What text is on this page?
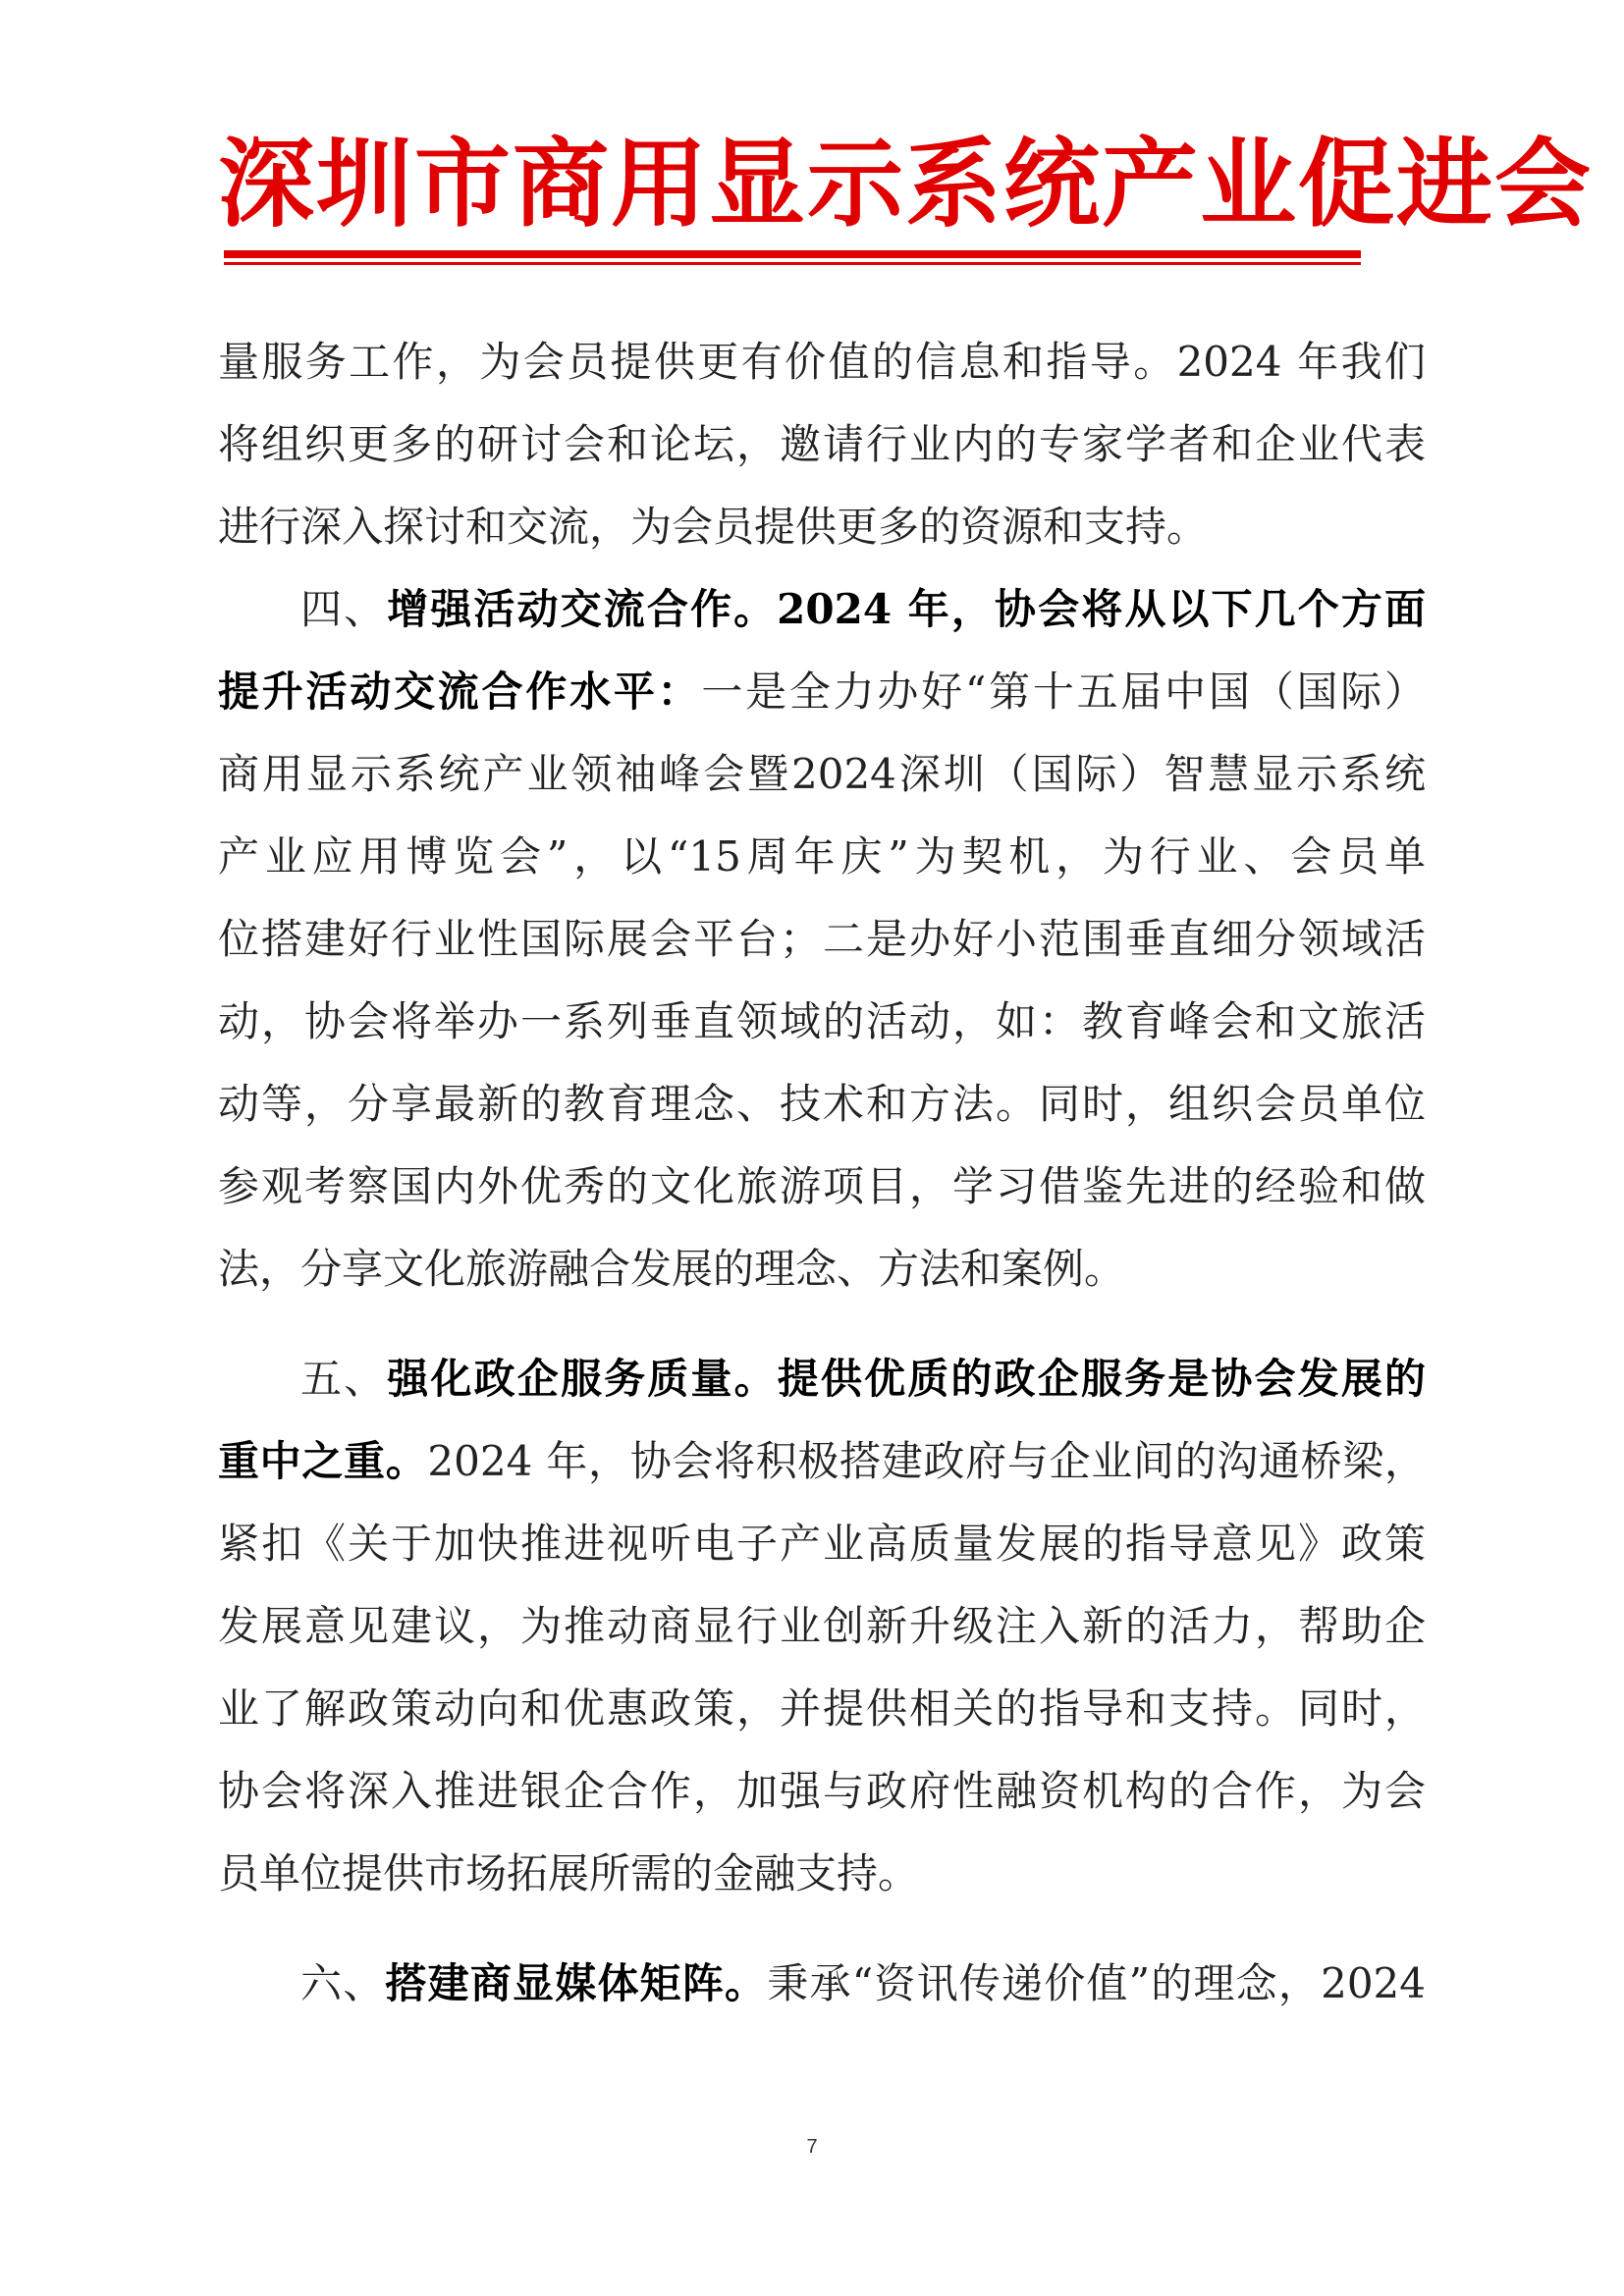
深圳市商用显示系统产业促进会
量服务工作，为会员提供更有价值的信息和指导。2024 年我们
将组织更多的研讨会和论坛，邀请行业内的专家学者和企业代表
进行深入探讨和交流，为会员提供更多的资源和支持。
四、增强活动交流合作。2024 年，协会将从以下几个方面
提升活动交流合作水平：一是全力办好“第十五届中国（国际）
商用显示系统产业领袖峰会暨2024深圳（国际）智慧显示系统
产业应用博览会”，以“15周年庆”为契机，为行业、会员单
位搭建好行业性国际展会平台；二是办好小范围垂直细分领域活
动，协会将举办一系列垂直领域的活动，如：教育峰会和文旅活
动等，分享最新的教育理念、技术和方法。同时，组织会员单位
参观考察国内外优秀的文化旅游项目，学习借鉴先进的经验和做
法，分享文化旅游融合发展的理念、方法和案例。
五、强化政企服务质量。提供优质的政企服务是协会发展的
重中之重。2024 年，协会将积极搭建政府与企业间的沟通桥梁，
紧扣《关于加快推进视听电子产业高质量发展的指导意见》政策
发展意见建议，为推动商显行业创新升级注入新的活力，帮助企
业了解政策动向和优惠政策，并提供相关的指导和支持。同时，
协会将深入推进银企合作，加强与政府性融资机构的合作，为会
员单位提供市场拓展所需的金融支持。
六、搭建商显媒体矩阵。秉承“资讯传递价值”的理念，2024
7
